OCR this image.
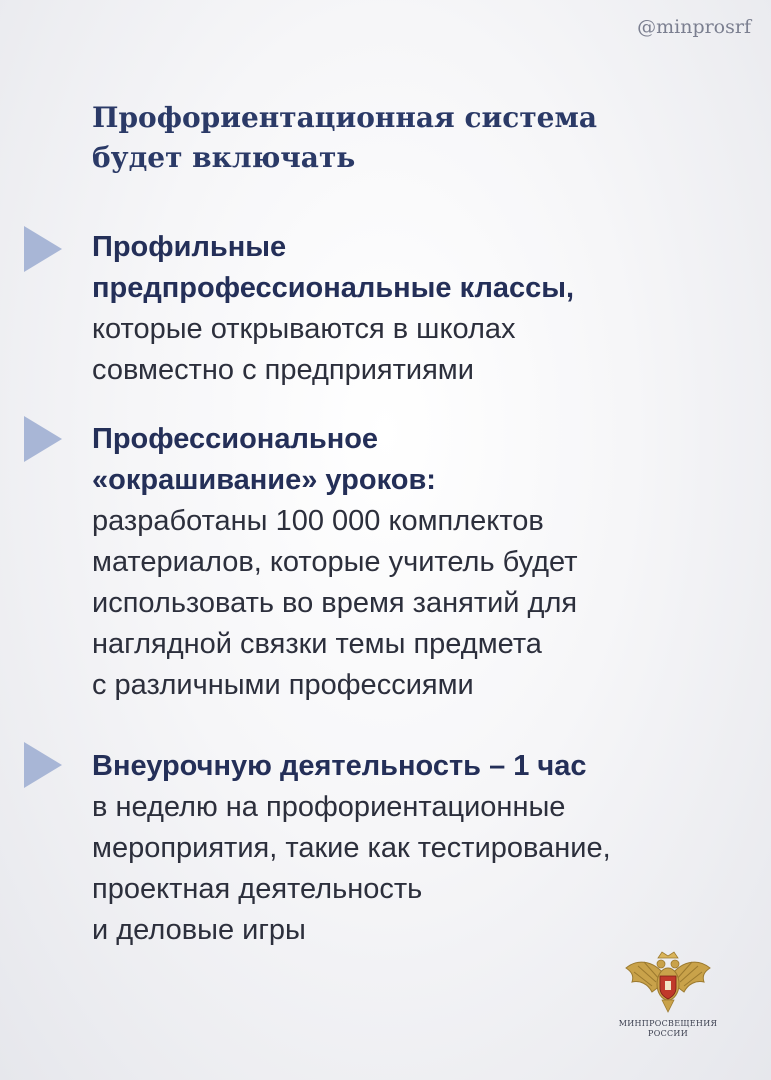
@minprosrf
Профориентационная система
будет включать
Профильные
предпрофессиональные классы,
которые открываются в школах
совместно с предприятиями
Профессиональное
«окрашивание» уроков:
разработаны 100 000 комплектов
материалов, которые учитель будет
использовать во время занятий для
наглядной связки темы предмета
с различными профессиями
Внеурочную деятельность – 1 час
в неделю на профориентационные
мероприятия, такие как тестирование,
проектная деятельность
и деловые игры
МИНПРОСВЕЩЕНИЯ
РОССИИ
